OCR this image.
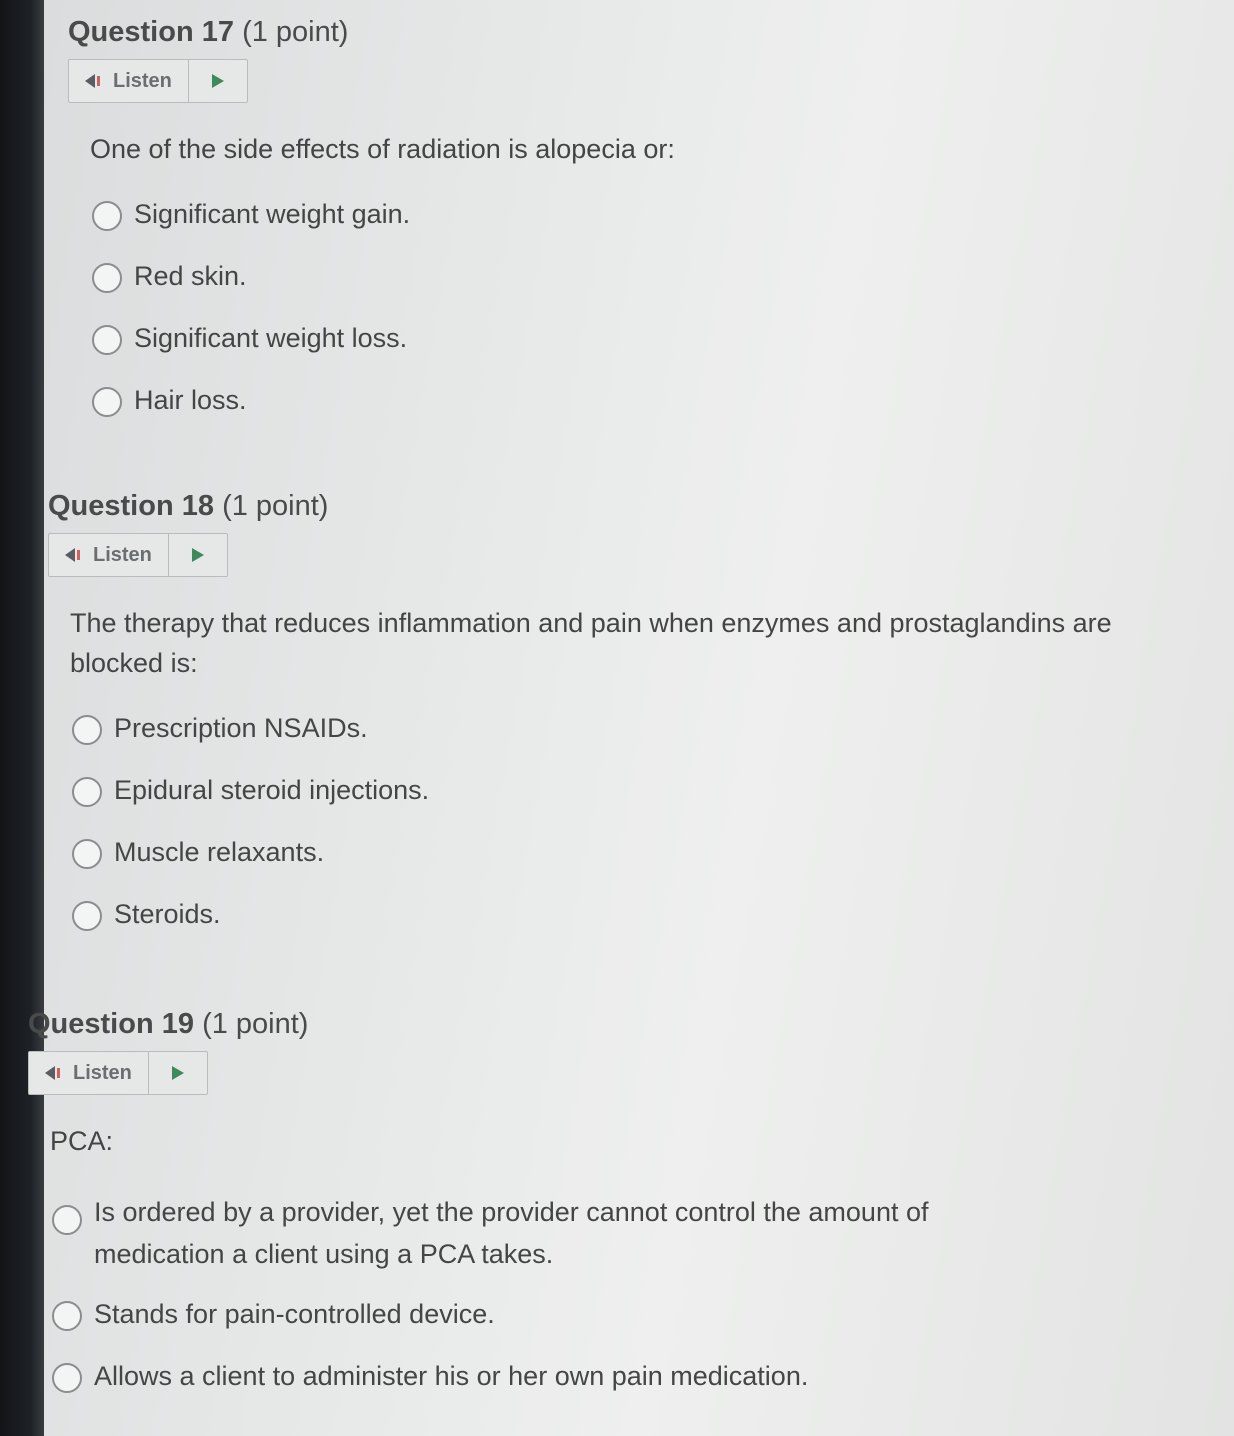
Question 17 (1 point)
Listen

One of the side effects of radiation is alopecia or:

Significant weight gain.
Red skin.
Significant weight loss.
Hair loss.
Question 18 (1 point)
Listen

The therapy that reduces inflammation and pain when enzymes and prostaglandins are blocked is:

Prescription NSAIDs.
Epidural steroid injections.
Muscle relaxants.
Steroids.
Question 19 (1 point)
Listen

PCA:

Is ordered by a provider, yet the provider cannot control the amount of medication a client using a PCA takes.
Stands for pain-controlled device.
Allows a client to administer his or her own pain medication.
